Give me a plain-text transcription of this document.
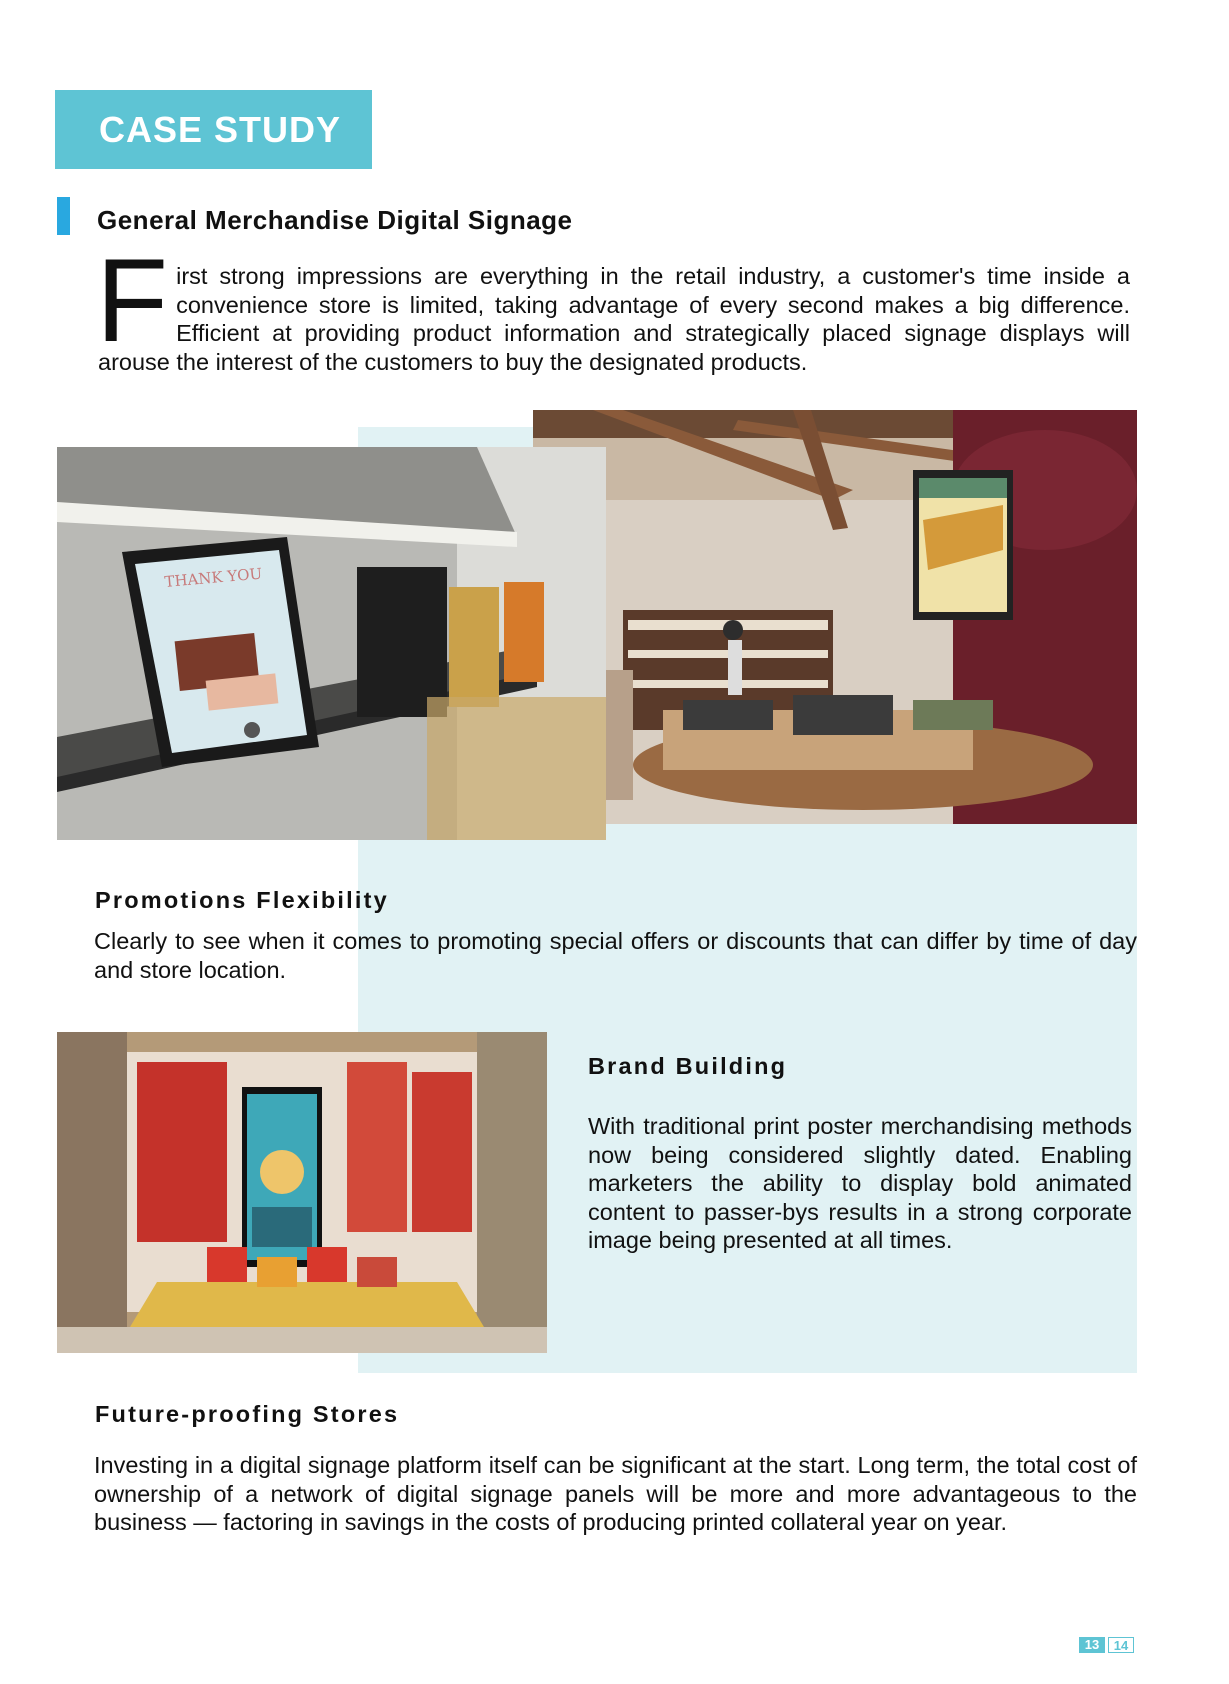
CASE STUDY
General Merchandise Digital Signage

First strong impressions are everything in the retail industry, a customer's time inside a convenience store is limited, taking advantage of every second makes a big difference. Efficient at providing product information and strategically placed signage displays will arouse the interest of the customers to buy the designated products.

THANK YOU
Promotions Flexibility

Clearly to see when it comes to promoting special offers or discounts that can differ by time of day and store location.

Brand Building

With traditional print poster merchandising methods now being considered slightly dated. Enabling marketers the ability to display bold animated content to passer-bys results in a strong corporate image being presented at all times.

Future-proofing Stores

Investing in a digital signage platform itself can be significant at the start. Long term, the total cost of ownership of a network of digital signage panels will be more and more advantageous to the business — factoring in savings in the costs of producing printed collateral year on year.

13	14
